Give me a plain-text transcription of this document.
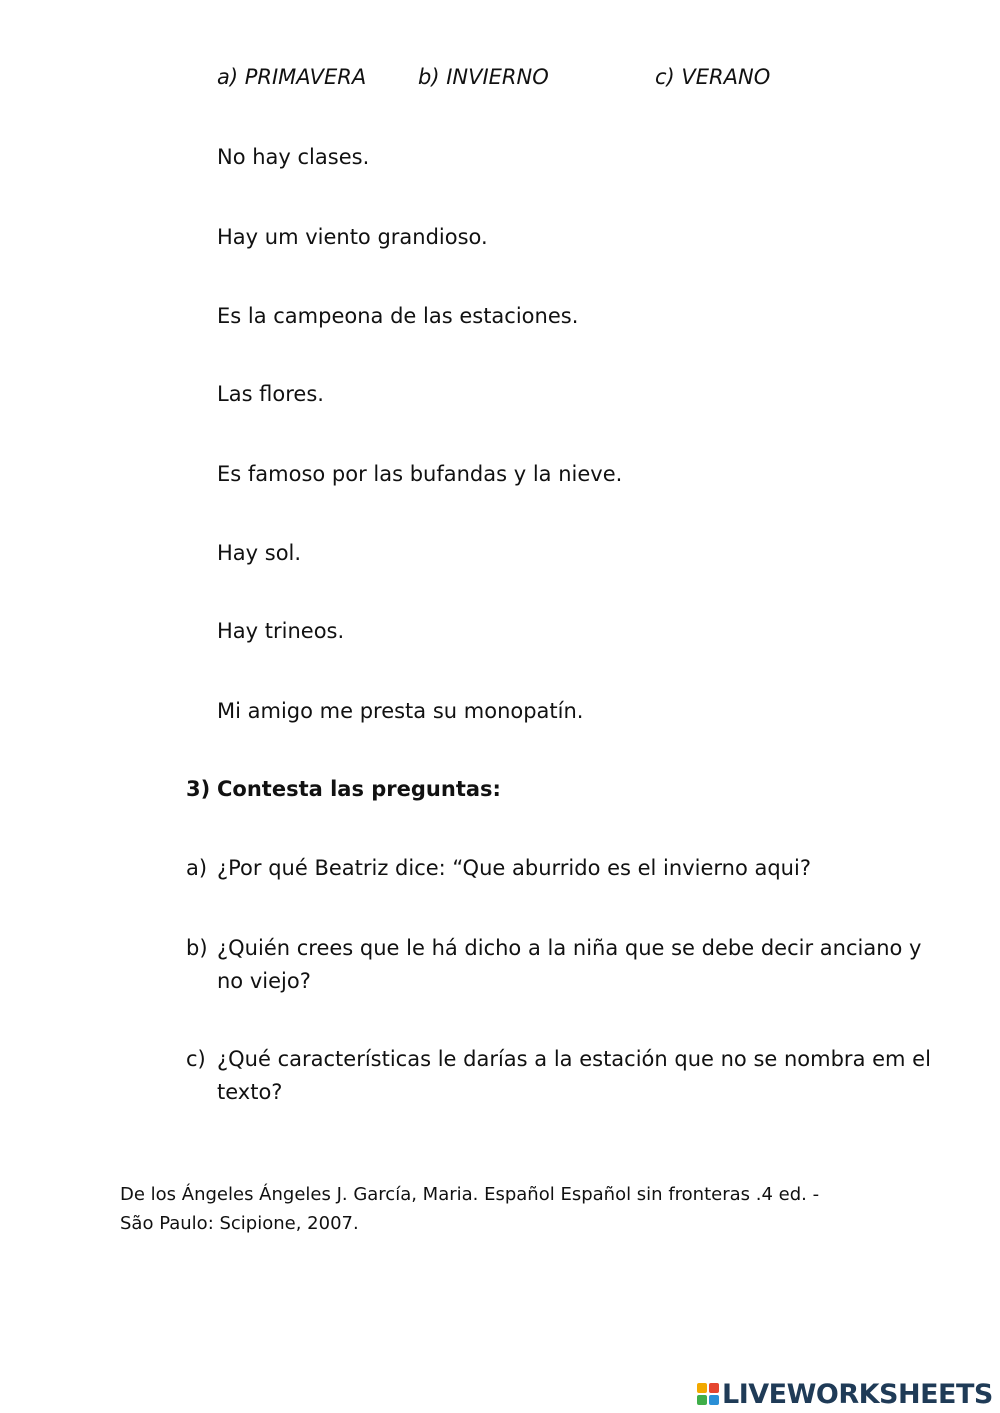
a) PRIMAVERA b) INVIERNO	c) VERANO
No hay clases.
Hay um viento grandioso.
Es la campeona de las estaciones.
Las flores.
Es famoso por las bufandas y la nieve.
Hay sol.
Hay trineos.
Mi amigo me presta su monopatín.
3) Contesta las preguntas:
a) ¿Por qué Beatriz dice: “Que aburrido es el invierno aqui?
b) ¿Quién crees que le há dicho a la niña que se debe decir anciano y no viejo?
c) ¿Qué características le darías a la estación que no se nombra em el texto?
De los Ángeles Ángeles J. García, Maria. Español Español sin fronteras .4 ed. -
São Paulo: Scipione, 2007.
LIVEWORKSHEETS
